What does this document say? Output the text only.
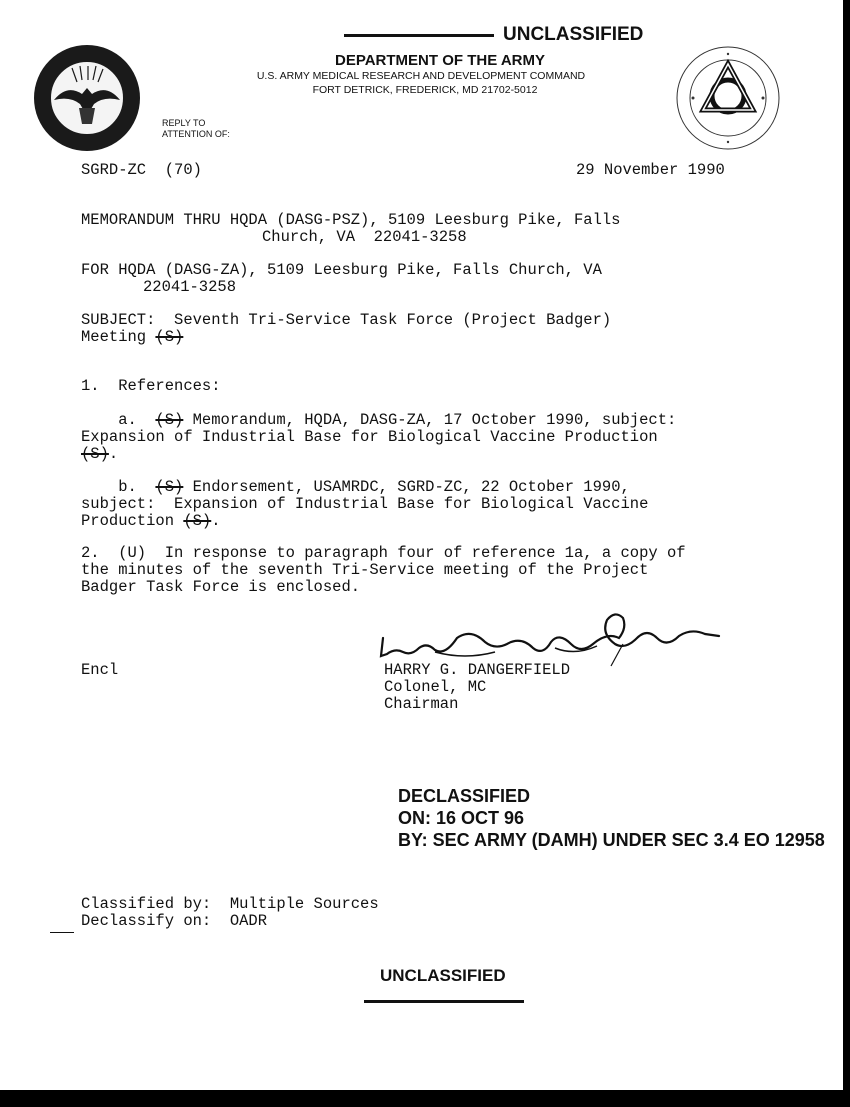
UNCLASSIFIED
DEPARTMENT OF THE ARMY
U.S. ARMY MEDICAL RESEARCH AND DEVELOPMENT COMMAND
FORT DETRICK, FREDERICK, MD 21702-5012
REPLY TO
ATTENTION OF:
SGRD-ZC  (70)	29 November 1990
MEMORANDUM THRU HQDA (DASG-PSZ), 5109 Leesburg Pike, Falls
Church, VA  22041-3258
FOR HQDA (DASG-ZA), 5109 Leesburg Pike, Falls Church, VA
22041-3258
SUBJECT:  Seventh Tri-Service Task Force (Project Badger)
Meeting (S)
1.  References:
a.  (S) Memorandum, HQDA, DASG-ZA, 17 October 1990, subject:
Expansion of Industrial Base for Biological Vaccine Production
(S).
b.  (S) Endorsement, USAMRDC, SGRD-ZC, 22 October 1990,
subject:  Expansion of Industrial Base for Biological Vaccine
Production (S).
2.  (U)  In response to paragraph four of reference 1a, a copy of
the minutes of the seventh Tri-Service meeting of the Project
Badger Task Force is enclosed.
Encl	HARRY G. DANGERFIELD
Colonel, MC
Chairman
DECLASSIFIED
ON: 16 OCT 96
BY: SEC ARMY (DAMH) UNDER SEC 3.4 EO 12958
Classified by:  Multiple Sources
Declassify on:  OADR
UNCLASSIFIED
